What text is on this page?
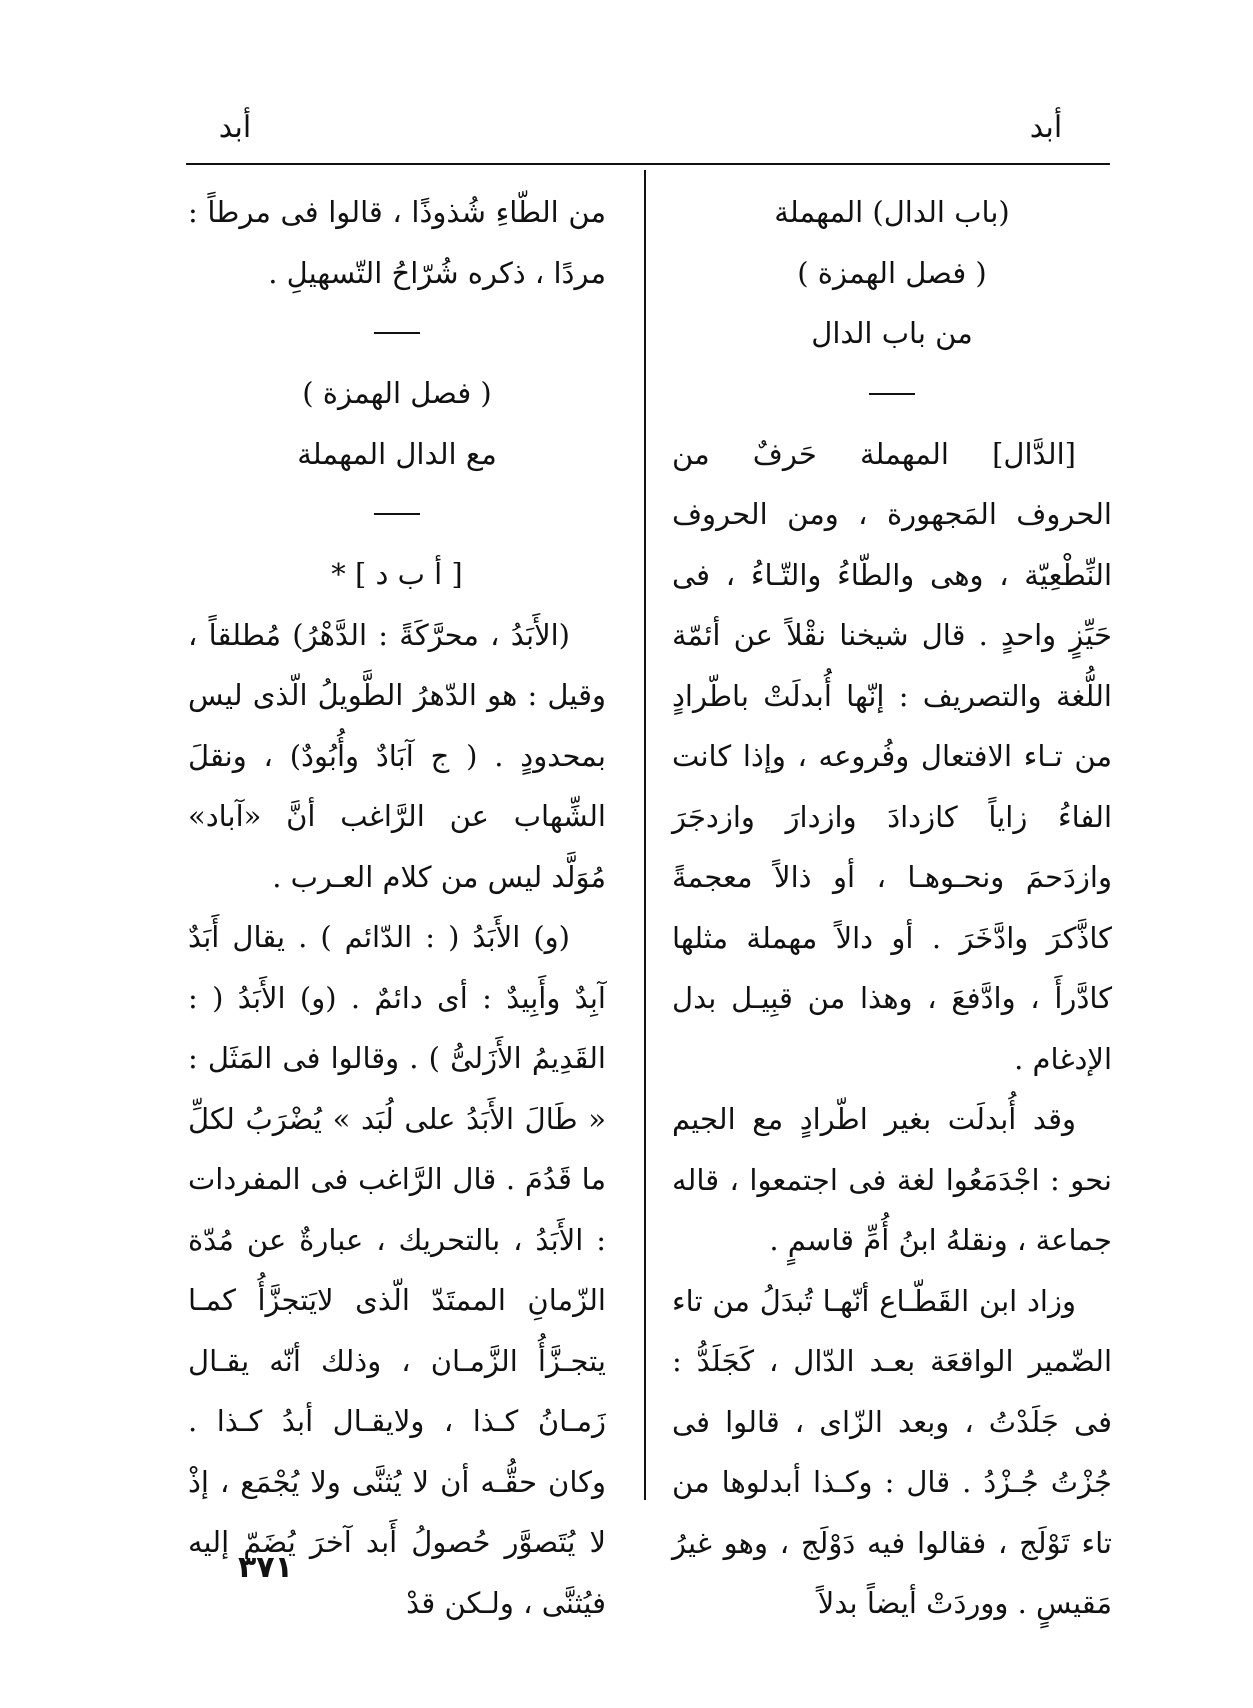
أبد
أبد

(باب الدال) المهملة

( فصل الهمزة )

من باب الدال

[الدَّال] المهملة حَرفٌ من الحروف المَجهورة ، ومن الحروف النِّطْعِيّة ، وهى والطّاءُ والتّـاءُ ، فى حَيِّزٍ واحدٍ . قال شيخنا نقْلاً عن أئمّة اللُّغة والتصريف : إنّها أُبدلَتْ باطّرادٍ من تـاء الافتعال وفُروعه ، وإذا كانت الفاءُ زاياً كازدادَ وازدارَ وازدجَرَ وازدَحمَ ونحـوهـا ، أو ذالاً معجمةً كاذَّكرَ وادَّخَرَ . أو دالاً مهملة مثلها كادَّرأَ ، وادَّفعَ ، وهذا من قبِيـل بدل الإدغام .

وقد أُبدلَت بغير اطّرادٍ مع الجيم نحو : اجْدَمَعُوا لغة فى اجتمعوا ، قاله جماعة ، ونقلهُ ابنُ أُمِّ قاسمٍ .

وزاد ابن القَطّـاع أنّهـا تُبدَلُ من تاء الضّمير الواقعَة بعـد الدّال ، كَجَلَدُّ : فى جَلَدْتُ ، وبعد الزّاى ، قالوا فى جُزْتُ جُـزْدُ . قال : وكـذا أبدلوها من تاء تَوْلَج ، فقالوا فيه دَوْلَج ، وهو غيرُ مَقيسٍ . ووردَتْ أيضاً بدلاً

من الطّاءِ شُذوذًا ، قالوا فى مرطاً : مردًا ، ذكره شُرّاحُ التّسهيلِ .

( فصل الهمزة )

مع الدال المهملة

[ أ ب د ] *

(الأَبَدُ ، محرَّكَةً : الدَّهْرُ) مُطلقاً ، وقيل : هو الدّهرُ الطَّويلُ الّذى ليس بمحدودٍ . ( ج آبَادٌ وأُبُودٌ) ، ونقلَ الشِّهاب عن الرَّاغب أنَّ «آباد» مُوَلَّد ليس من كلام العـرب .

(و) الأَبَدُ ( : الدّائم ) . يقال أَبَدٌ آبِدٌ وأَبِيدٌ : أى دائمٌ . (و) الأَبَدُ ( : القَدِيمُ الأَزَلىُّ ) . وقالوا فى المَثَل : « طَالَ الأَبَدُ على لُبَد » يُضْرَبُ لكلِّ ما قَدُمَ . قال الرَّاغب فى المفردات : الأَبَدُ ، بالتحريك ، عبارةٌ عن مُدّة الزّمانِ الممتَدّ الّذى لايَتجزَّأُ كمـا يتجـزَّأُ الزَّمـان ، وذلك أنّه يقـال زَمـانُ كـذا ، ولايقـال أبدُ كـذا . وكان حقُّـه أن لا يُثنَّى ولا يُجْمَع ، إذْ لا يُتَصوَّر حُصولُ أَبد آخرَ يُضَمّ إليه فيُثنَّى ، ولـكن قدْ

٣٧١
